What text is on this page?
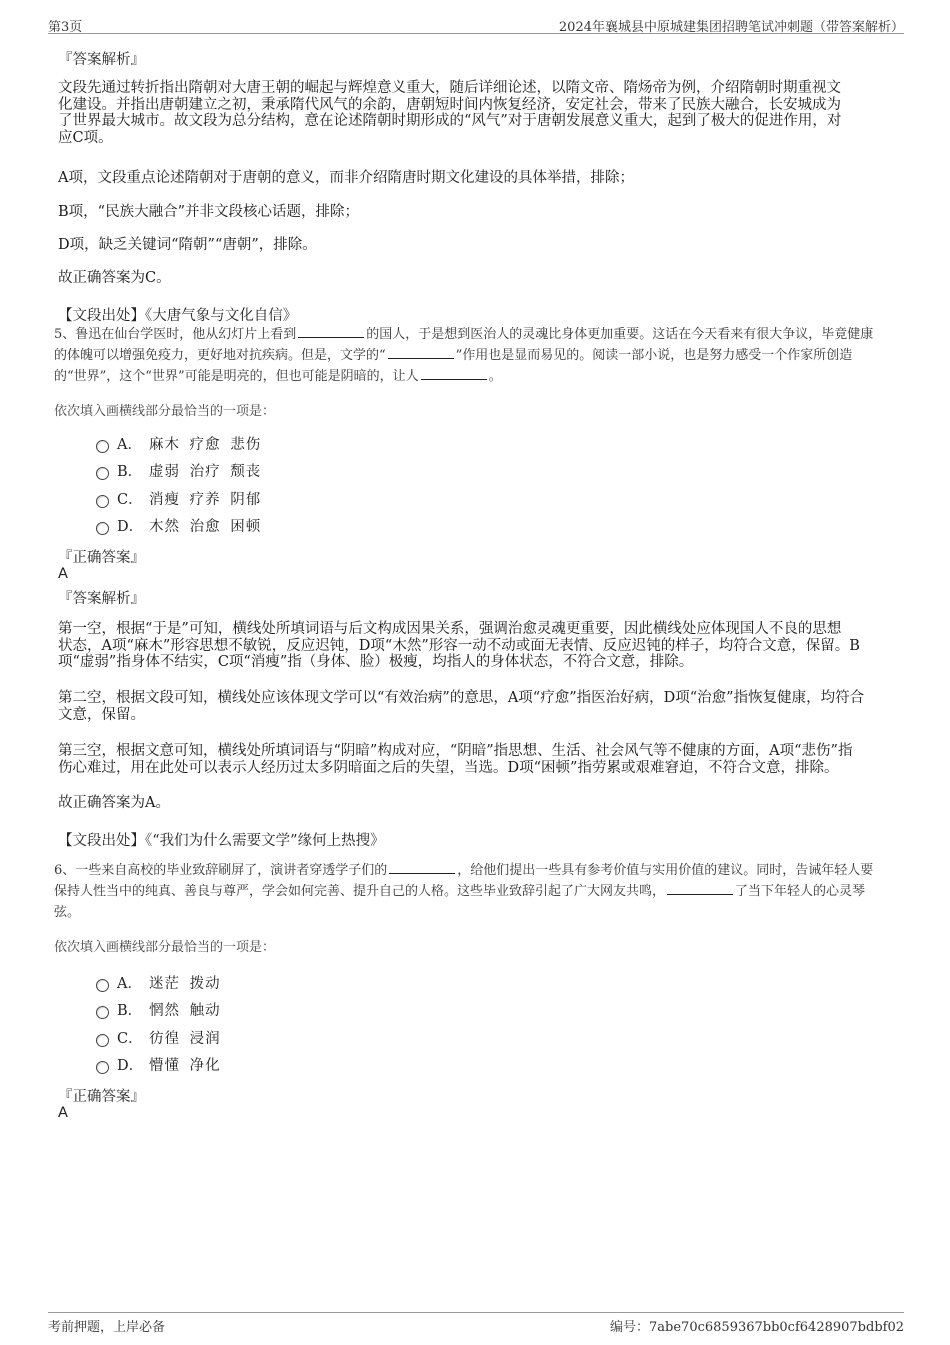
第3页	2024年襄城县中原城建集团招聘笔试冲刺题（带答案解析）
『答案解析』
文段先通过转折指出隋朝对大唐王朝的崛起与辉煌意义重大，随后详细论述，以隋文帝、隋炀帝为例，介绍隋朝时期重视文
化建设。并指出唐朝建立之初，秉承隋代风气的余韵，唐朝短时间内恢复经济，安定社会，带来了民族大融合，长安城成为
了世界最大城市。故文段为总分结构，意在论述隋朝时期形成的“风气”对于唐朝发展意义重大，起到了极大的促进作用，对
应C项。
A项，文段重点论述隋朝对于唐朝的意义，而非介绍隋唐时期文化建设的具体举措，排除；
B项，“民族大融合”并非文段核心话题，排除；
D项，缺乏关键词“隋朝”“唐朝”，排除。
故正确答案为C。
【文段出处】《大唐气象与文化自信》
5、鲁迅在仙台学医时，他从幻灯片上看到	的国人，于是想到医治人的灵魂比身体更加重要。这话在今天看来有很大争议，毕竟健康
的体魄可以增强免疫力，更好地对抗疾病。但是，文学的“	”作用也是显而易见的。阅读一部小说，也是努力感受一个作家所创造
的“世界”，这个“世界”可能是明亮的，但也可能是阴暗的，让人	。
依次填入画横线部分最恰当的一项是：
A． 麻木 疗愈 悲伤
B． 虚弱 治疗 颓丧
C． 消瘦 疗养 阴郁
D． 木然 治愈 困顿
『正确答案』
A
『答案解析』
第一空，根据“于是”可知，横线处所填词语与后文构成因果关系，强调治愈灵魂更重要，因此横线处应体现国人不良的思想
状态，A项“麻木”形容思想不敏锐，反应迟钝，D项“木然”形容一动不动或面无表情、反应迟钝的样子，均符合文意，保留。B
项“虚弱”指身体不结实，C项“消瘦”指（身体、脸）极瘦，均指人的身体状态，不符合文意，排除。
第二空，根据文段可知，横线处应该体现文学可以“有效治病”的意思，A项“疗愈”指医治好病，D项“治愈”指恢复健康，均符合
文意，保留。
第三空，根据文意可知，横线处所填词语与“阴暗”构成对应，“阴暗”指思想、生活、社会风气等不健康的方面，A项“悲伤”指
伤心难过，用在此处可以表示人经历过太多阴暗面之后的失望，当选。D项“困顿”指劳累或艰难窘迫，不符合文意，排除。
故正确答案为A。
【文段出处】《“我们为什么需要文学”缘何上热搜》
6、一些来自高校的毕业致辞刷屏了，演讲者穿透学子们的	，给他们提出一些具有参考价值与实用价值的建议。同时，告诫年轻人要
保持人性当中的纯真、善良与尊严，学会如何完善、提升自己的人格。这些毕业致辞引起了广大网友共鸣，	了当下年轻人的心灵琴
弦。
依次填入画横线部分最恰当的一项是：
A． 迷茫 拨动
B． 惘然 触动
C． 彷徨 浸润
D． 懵懂 净化
『正确答案』
A
考前押题，上岸必备	编号：7abe70c6859367bb0cf6428907bdbf02
